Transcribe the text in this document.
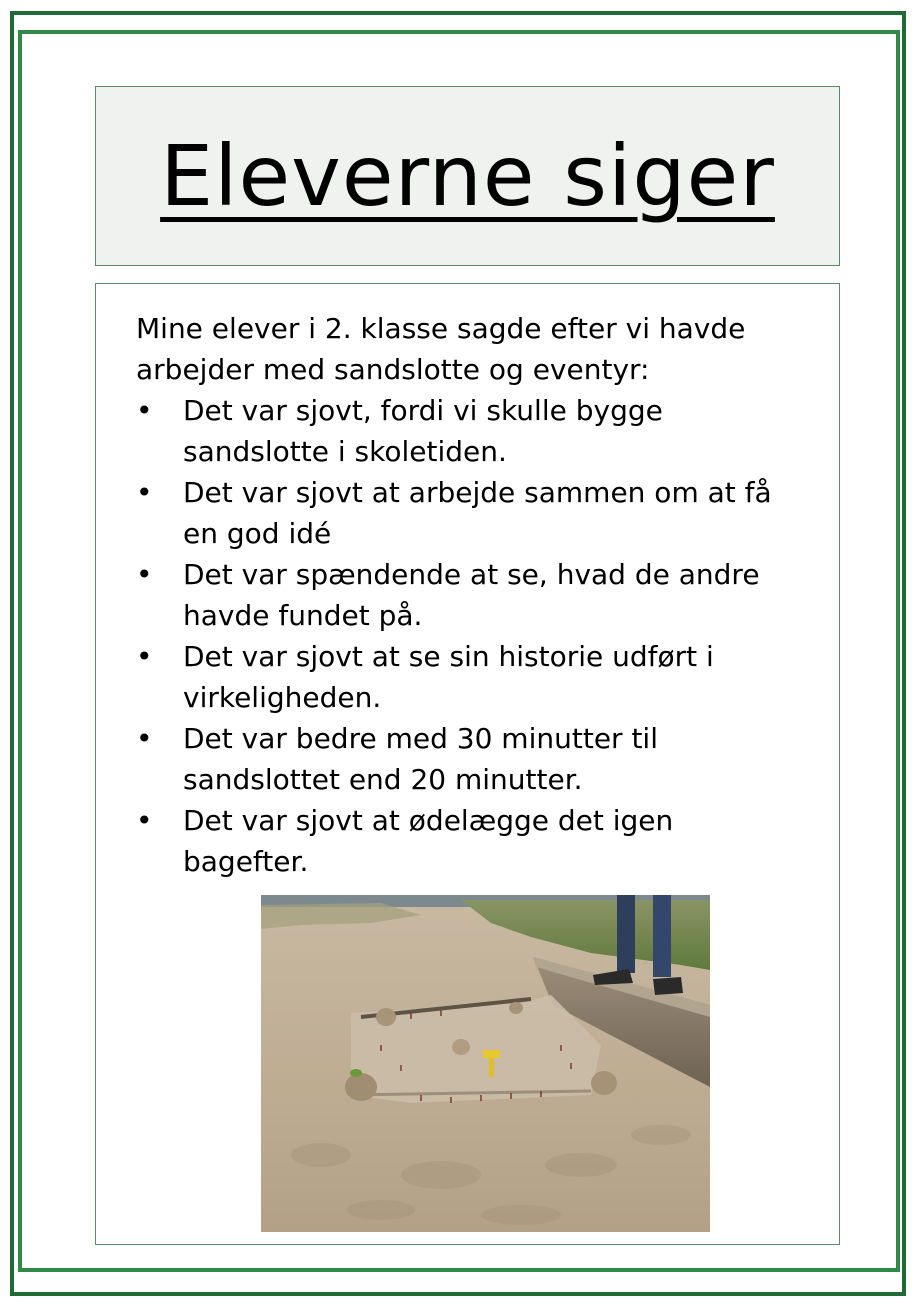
Eleverne siger

Mine elever i 2. klasse sagde efter vi havde arbejder med sandslotte og eventyr:

• Det var sjovt, fordi vi skulle bygge sandslotte i skoletiden.
• Det var sjovt at arbejde sammen om at få en god idé
• Det var spændende at se, hvad de andre havde fundet på.
• Det var sjovt at se sin historie udført i virkeligheden.
• Det var bedre med 30 minutter til sandslottet end 20 minutter.
• Det var sjovt at ødelægge det igen bagefter.
